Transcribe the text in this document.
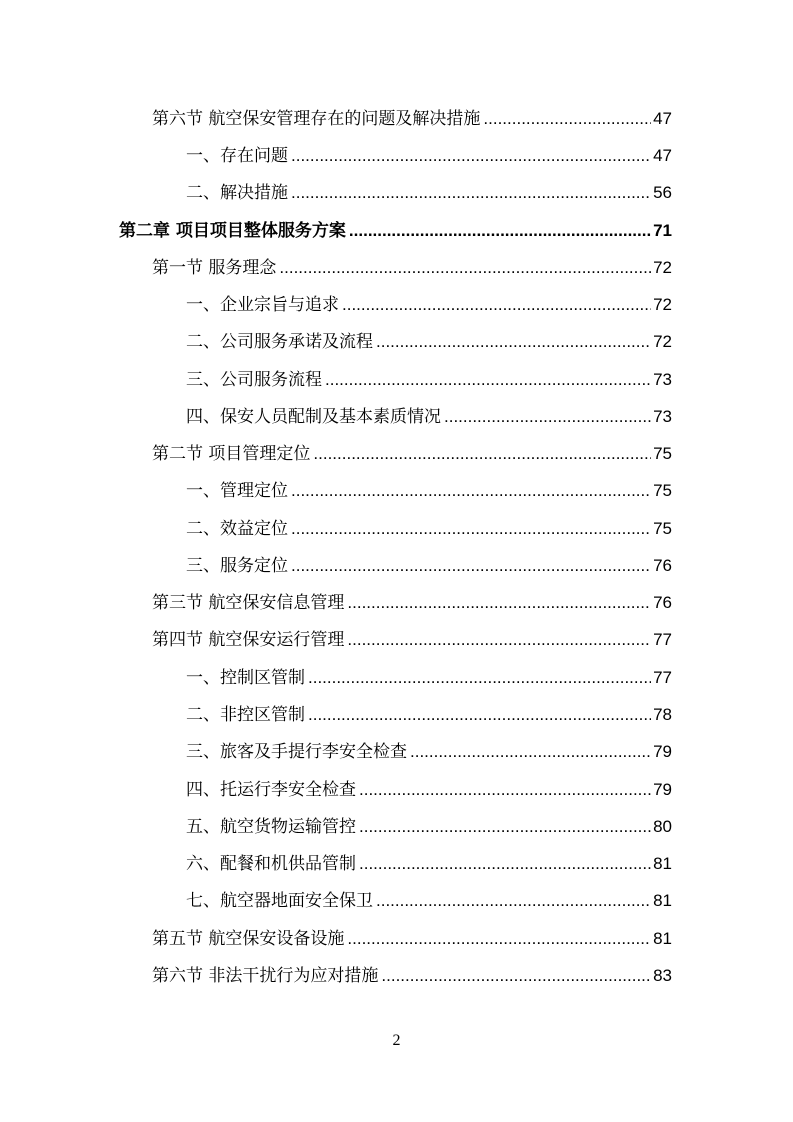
第六节 航空保安管理存在的问题及解决措施 .....	47
一、存在问题 .....	47
二、解决措施 .....	56
第二章 项目项目整体服务方案 .....	71
第一节 服务理念 .....	72
一、企业宗旨与追求 .....	72
二、公司服务承诺及流程 .....	72
三、公司服务流程 .....	73
四、保安人员配制及基本素质情况 .....	73
第二节 项目管理定位 .....	75
一、管理定位 .....	75
二、效益定位 .....	75
三、服务定位 .....	76
第三节 航空保安信息管理 .....	76
第四节 航空保安运行管理 .....	77
一、控制区管制 .....	77
二、非控区管制 .....	78
三、旅客及手提行李安全检查 .....	79
四、托运行李安全检查 .....	79
五、航空货物运输管控 .....	80
六、配餐和机供品管制 .....	81
七、航空器地面安全保卫 .....	81
第五节 航空保安设备设施 .....	81
第六节 非法干扰行为应对措施 .....	83
2
